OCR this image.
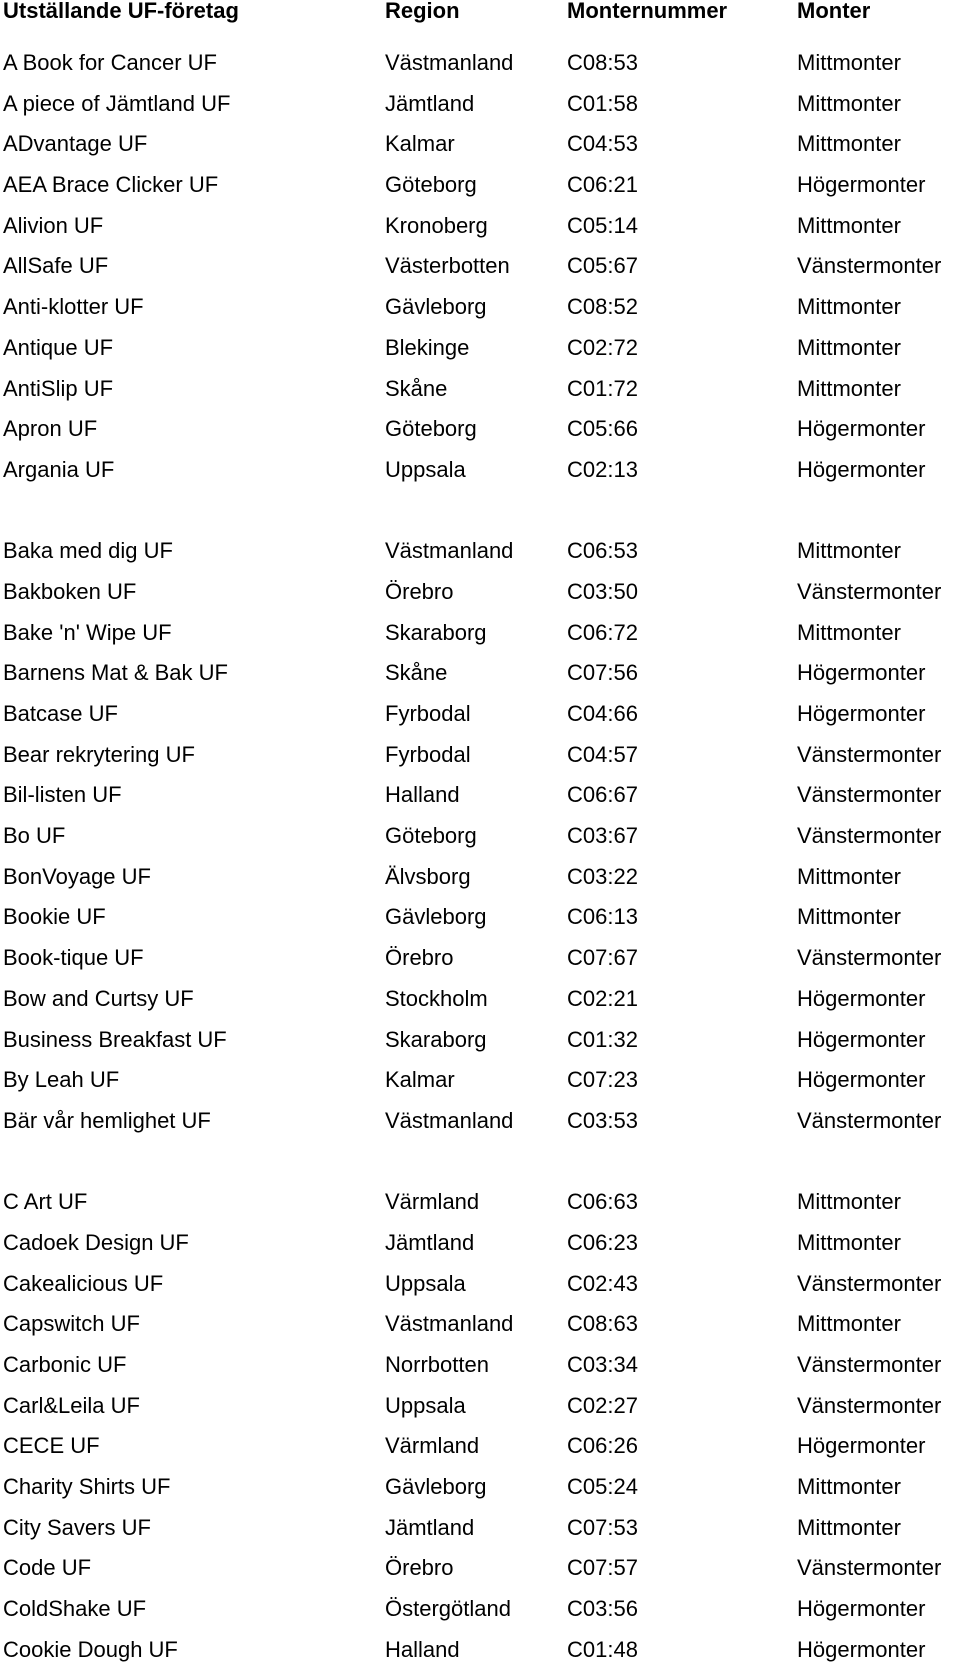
Utställande UF-företag	Region	Monternummer	Monter
A Book for Cancer UF	Västmanland C08:53	Mittmonter
A piece of Jämtland UF	Jämtland	C01:58	Mittmonter
ADvantage UF	Kalmar	C04:53	Mittmonter
AEA Brace Clicker UF	Göteborg	C06:21	Högermonter
Alivion UF	Kronoberg	C05:14	Mittmonter
AllSafe UF	Västerbotten	C05:67	Vänstermonter
Anti-klotter UF	Gävleborg	C08:52	Mittmonter
Antique UF	Blekinge	C02:72	Mittmonter
AntiSlip UF	Skåne	C01:72	Mittmonter
Apron UF	Göteborg	C05:66	Högermonter
Argania UF	Uppsala	C02:13	Högermonter
Baka med dig UF	Västmanland C06:53	Mittmonter
Bakboken UF	Örebro	C03:50	Vänstermonter
Bake 'n' Wipe UF	Skaraborg	C06:72	Mittmonter
Barnens Mat & Bak UF	Skåne	C07:56	Högermonter
Batcase UF	Fyrbodal	C04:66	Högermonter
Bear rekrytering UF	Fyrbodal	C04:57	Vänstermonter
Bil-listen UF	Halland	C06:67	Vänstermonter
Bo UF	Göteborg	C03:67	Vänstermonter
BonVoyage UF	Älvsborg	C03:22	Mittmonter
Bookie UF	Gävleborg	C06:13	Mittmonter
Book-tique UF	Örebro	C07:67	Vänstermonter
Bow and Curtsy UF	Stockholm	C02:21	Högermonter
Business Breakfast UF	Skaraborg	C01:32	Högermonter
By Leah UF	Kalmar	C07:23	Högermonter
Bär vår hemlighet UF	Västmanland C03:53	Vänstermonter
C Art UF	Värmland	C06:63	Mittmonter
Cadoek Design UF	Jämtland	C06:23	Mittmonter
Cakealicious UF	Uppsala	C02:43	Vänstermonter
Capswitch UF	Västmanland C08:63	Mittmonter
Carbonic UF	Norrbotten	C03:34	Vänstermonter
Carl&Leila UF	Uppsala	C02:27	Vänstermonter
CECE UF	Värmland	C06:26	Högermonter
Charity Shirts UF	Gävleborg	C05:24	Mittmonter
City Savers UF	Jämtland	C07:53	Mittmonter
Code UF	Örebro	C07:57	Vänstermonter
ColdShake UF	Östergötland	C03:56	Högermonter
Cookie Dough UF	Halland	C01:48	Högermonter
